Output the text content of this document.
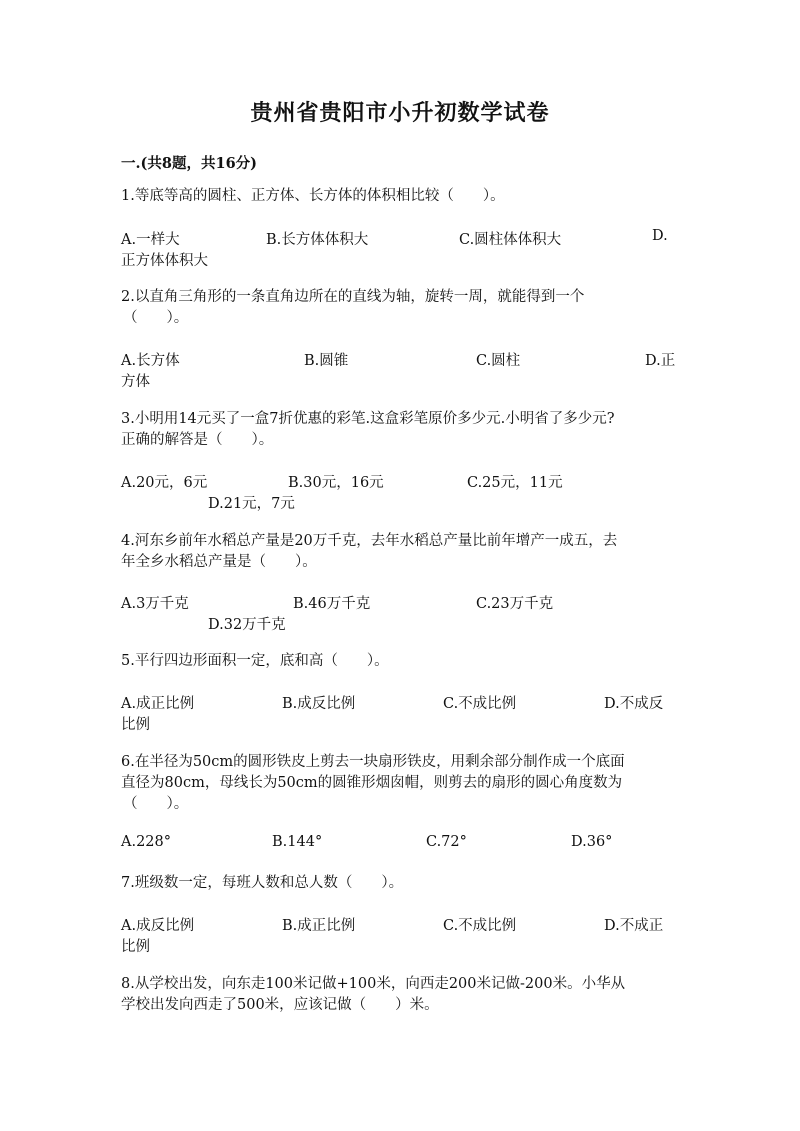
贵州省贵阳市小升初数学试卷
一.(共8题，共16分)

1.等底等高的圆柱、正方体、长方体的体积相比较（　　）。

A.一样大	B.长方体体积大	C.圆柱体体积大	D.
正方体体积大

2.以直角三角形的一条直角边所在的直线为轴，旋转一周，就能得到一个

（　　）。

A.长方体	B.圆锥	C.圆柱	D.正
方体

3.小明用14元买了一盒7折优惠的彩笔.这盒彩笔原价多少元.小明省了多少元?

正确的解答是（　　）。

A.20元，6元	B.30元，16元	C.25元，11元
D.21元，7元

4.河东乡前年水稻总产量是20万千克，去年水稻总产量比前年增产一成五，去

年全乡水稻总产量是（　　）。

A.3万千克	B.46万千克	C.23万千克
D.32万千克

5.平行四边形面积一定，底和高（　　）。

A.成正比例	B.成反比例	C.不成比例	D.不成反
比例

6.在半径为50cm的圆形铁皮上剪去一块扇形铁皮，用剩余部分制作成一个底面

直径为80cm，母线长为50cm的圆锥形烟囱帽，则剪去的扇形的圆心角度数为

（　　）。

A.228°	B.144°	C.72°	D.36°

7.班级数一定，每班人数和总人数（　　）。

A.成反比例	B.成正比例	C.不成比例	D.不成正
比例

8.从学校出发，向东走100米记做+100米，向西走200米记做-200米。小华从

学校出发向西走了500米，应该记做（　　）米。
